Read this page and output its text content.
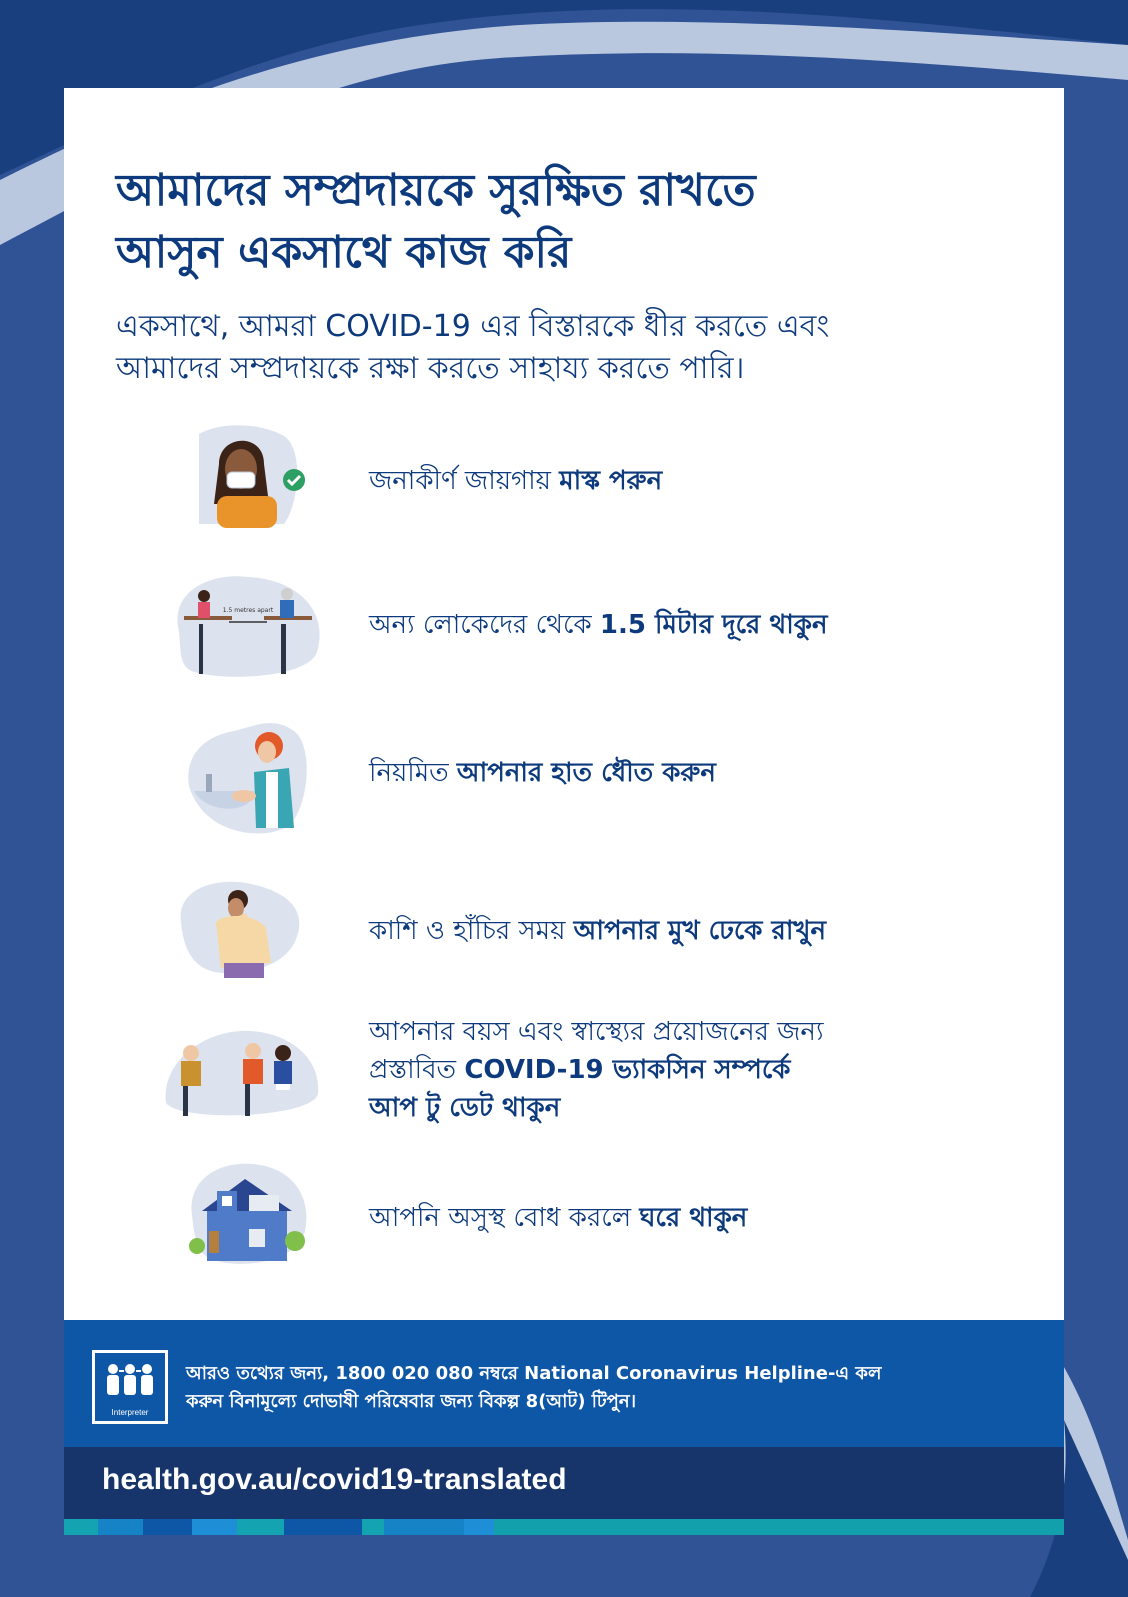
আমাদের সম্প্রদায়কে সুরক্ষিত রাখতে
আসুন একসাথে কাজ করি

একসাথে, আমরা COVID-19 এর বিস্তারকে ধীর করতে এবং
আমাদের সম্প্রদায়কে রক্ষা করতে সাহায্য করতে পারি।

জনাকীর্ণ জায়গায় মাস্ক পরুন
1.5 metres apart	অন্য লোকেদের থেকে 1.5 মিটার দূরে থাকুন
নিয়মিত আপনার হাত ধৌত করুন
কাশি ও হাঁচির সময় আপনার মুখ ঢেকে রাখুন
আপনার বয়স এবং স্বাস্থ্যের প্রয়োজনের জন্য
প্রস্তাবিত COVID-19 ভ্যাকসিন সম্পর্কে
আপ টু ডেট থাকুন
আপনি অসুস্থ বোধ করলে ঘরে থাকুন
Interpreter
আরও তথ্যের জন্য, 1800 020 080 নম্বরে National Coronavirus Helpline-এ কল
করুন বিনামূল্যে দোভাষী পরিষেবার জন্য বিকল্প 8(আট) টিপুন।
health.gov.au/covid19-translated
